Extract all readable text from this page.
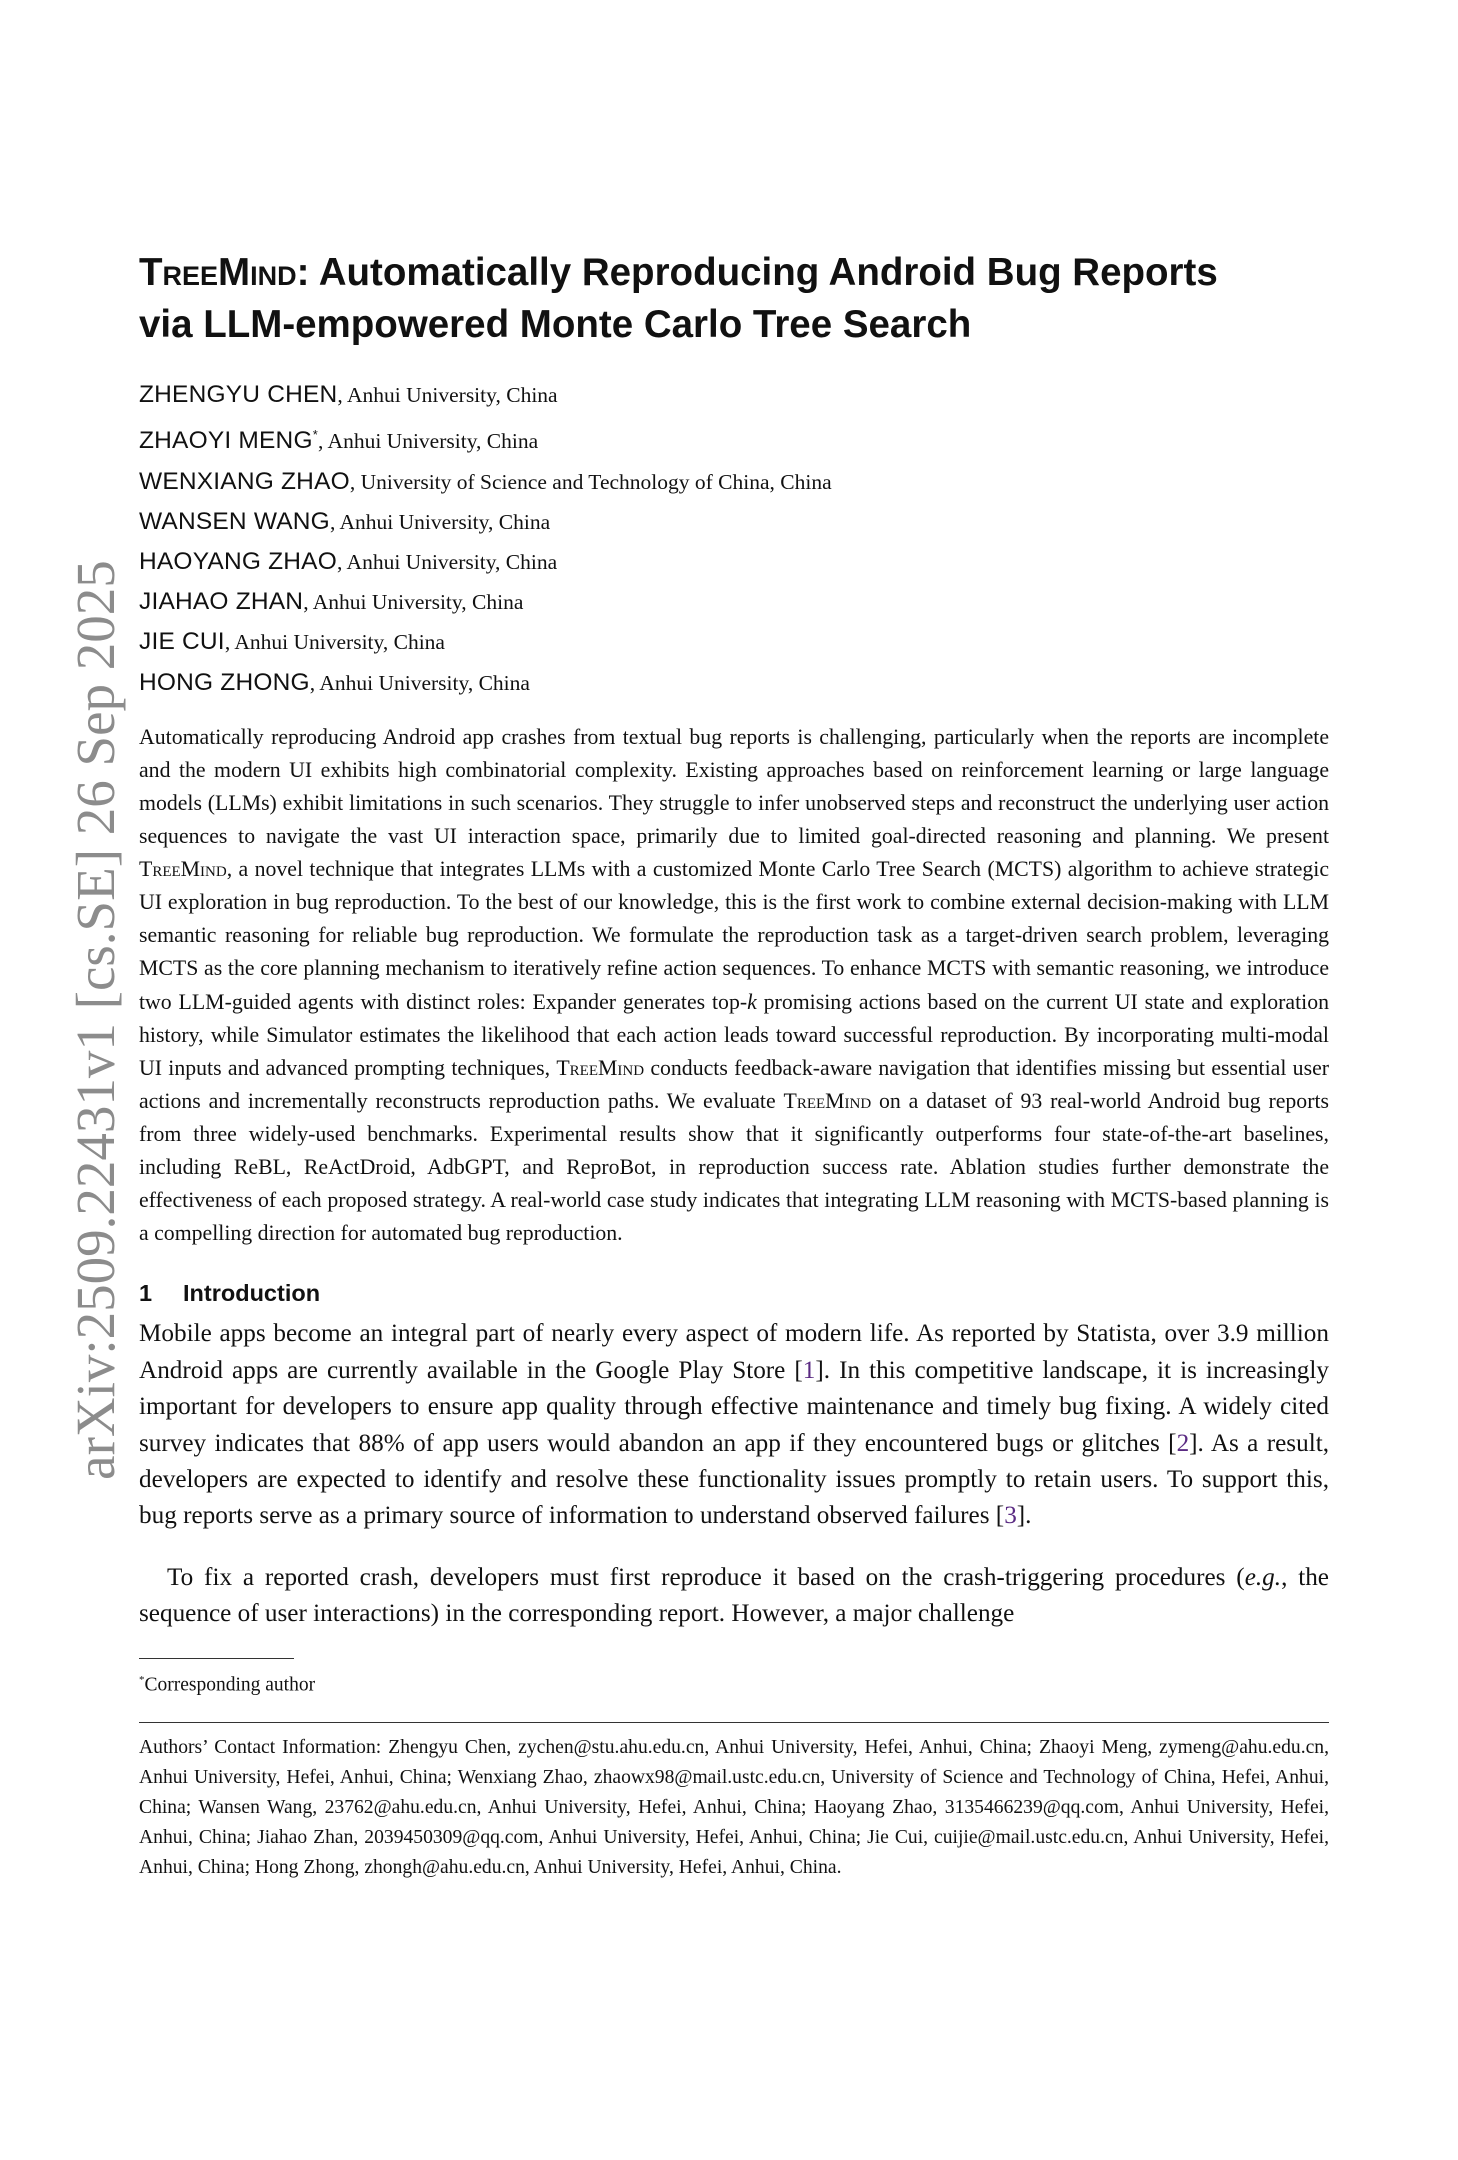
arXiv:2509.22431v1 [cs.SE] 26 Sep 2025
TreeMind: Automatically Reproducing Android Bug Reports
via LLM-empowered Monte Carlo Tree Search
ZHENGYU CHEN, Anhui University, China
ZHAOYI MENG*, Anhui University, China
WENXIANG ZHAO, University of Science and Technology of China, China
WANSEN WANG, Anhui University, China
HAOYANG ZHAO, Anhui University, China
JIAHAO ZHAN, Anhui University, China
JIE CUI, Anhui University, China
HONG ZHONG, Anhui University, China

Automatically reproducing Android app crashes from textual bug reports is challenging, particularly when the reports are incomplete and the modern UI exhibits high combinatorial complexity. Existing approaches based on reinforcement learning or large language models (LLMs) exhibit limitations in such scenarios. They struggle to infer unobserved steps and reconstruct the underlying user action sequences to navigate the vast UI interaction space, primarily due to limited goal-directed reasoning and planning. We present TreeMind, a novel technique that integrates LLMs with a customized Monte Carlo Tree Search (MCTS) algorithm to achieve strategic UI exploration in bug reproduction. To the best of our knowledge, this is the first work to combine external decision-making with LLM semantic reasoning for reliable bug reproduction. We formulate the reproduction task as a target-driven search problem, leveraging MCTS as the core planning mechanism to iteratively refine action sequences. To enhance MCTS with semantic reasoning, we introduce two LLM-guided agents with distinct roles: Expander generates top-k promising actions based on the current UI state and exploration history, while Simulator estimates the likelihood that each action leads toward successful reproduction. By incorporating multi-modal UI inputs and advanced prompting techniques, TreeMind conducts feedback-aware navigation that identifies missing but essential user actions and incrementally reconstructs reproduction paths. We evaluate TreeMind on a dataset of 93 real-world Android bug reports from three widely-used benchmarks. Experimental results show that it significantly outperforms four state-of-the-art baselines, including ReBL, ReActDroid, AdbGPT, and ReproBot, in reproduction success rate. Ablation studies further demonstrate the effectiveness of each proposed strategy. A real-world case study indicates that integrating LLM reasoning with MCTS-based planning is a compelling direction for automated bug reproduction.

1 Introduction

Mobile apps become an integral part of nearly every aspect of modern life. As reported by Statista, over 3.9 million Android apps are currently available in the Google Play Store [1]. In this competitive landscape, it is increasingly important for developers to ensure app quality through effective maintenance and timely bug fixing. A widely cited survey indicates that 88% of app users would abandon an app if they encountered bugs or glitches [2]. As a result, developers are expected to identify and resolve these functionality issues promptly to retain users. To support this, bug reports serve as a primary source of information to understand observed failures [3].

To fix a reported crash, developers must first reproduce it based on the crash-triggering procedures (e.g., the sequence of user interactions) in the corresponding report. However, a major challenge

*Corresponding author

Authors’ Contact Information: Zhengyu Chen, zychen@stu.ahu.edu.cn, Anhui University, Hefei, Anhui, China; Zhaoyi Meng, zymeng@ahu.edu.cn, Anhui University, Hefei, Anhui, China; Wenxiang Zhao, zhaowx98@mail.ustc.edu.cn, University of Science and Technology of China, Hefei, Anhui, China; Wansen Wang, 23762@ahu.edu.cn, Anhui University, Hefei, Anhui, China; Haoyang Zhao, 3135466239@qq.com, Anhui University, Hefei, Anhui, China; Jiahao Zhan, 2039450309@qq.com, Anhui University, Hefei, Anhui, China; Jie Cui, cuijie@mail.ustc.edu.cn, Anhui University, Hefei, Anhui, China; Hong Zhong, zhongh@ahu.edu.cn, Anhui University, Hefei, Anhui, China.
